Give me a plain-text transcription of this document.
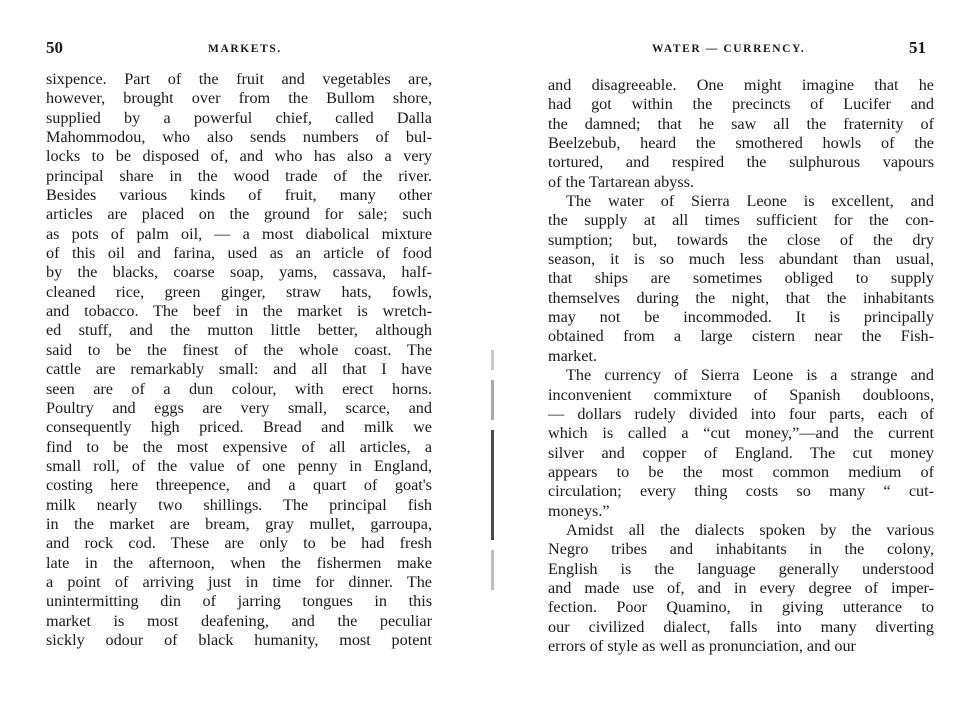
50	MARKETS.
sixpence. Part of the fruit and vegetables are,
however, brought over from the Bullom shore,
supplied by a powerful chief, called Dalla
Mahommodou, who also sends numbers of bul-
locks to be disposed of, and who has also a very
principal share in the wood trade of the river.
Besides various kinds of fruit, many other
articles are placed on the ground for sale; such
as pots of palm oil, — a most diabolical mixture
of this oil and farina, used as an article of food
by the blacks, coarse soap, yams, cassava, half-
cleaned rice, green ginger, straw hats, fowls,
and tobacco. The beef in the market is wretch-
ed stuff, and the mutton little better, although
said to be the finest of the whole coast. The
cattle are remarkably small: and all that I have
seen are of a dun colour, with erect horns.
Poultry and eggs are very small, scarce, and
consequently high priced. Bread and milk we
find to be the most expensive of all articles, a
small roll, of the value of one penny in England,
costing here threepence, and a quart of goat's
milk nearly two shillings. The principal fish
in the market are bream, gray mullet, garroupa,
and rock cod. These are only to be had fresh
late in the afternoon, when the fishermen make
a point of arriving just in time for dinner. The
unintermitting din of jarring tongues in this
market is most deafening, and the peculiar
sickly odour of black humanity, most potent
WATER — CURRENCY.	51
and disagreeable. One might imagine that he
had got within the precincts of Lucifer and
the damned; that he saw all the fraternity of
Beelzebub, heard the smothered howls of the
tortured, and respired the sulphurous vapours
of the Tartarean abyss.
The water of Sierra Leone is excellent, and
the supply at all times sufficient for the con-
sumption; but, towards the close of the dry
season, it is so much less abundant than usual,
that ships are sometimes obliged to supply
themselves during the night, that the inhabitants
may not be incommoded. It is principally
obtained from a large cistern near the Fish-
market.
The currency of Sierra Leone is a strange and
inconvenient commixture of Spanish doubloons,
— dollars rudely divided into four parts, each of
which is called a “cut money,”—and the current
silver and copper of England. The cut money
appears to be the most common medium of
circulation; every thing costs so many “ cut-
moneys.”
Amidst all the dialects spoken by the various
Negro tribes and inhabitants in the colony,
English is the language generally understood
and made use of, and in every degree of imper-
fection. Poor Quamino, in giving utterance to
our civilized dialect, falls into many diverting
errors of style as well as pronunciation, and our
